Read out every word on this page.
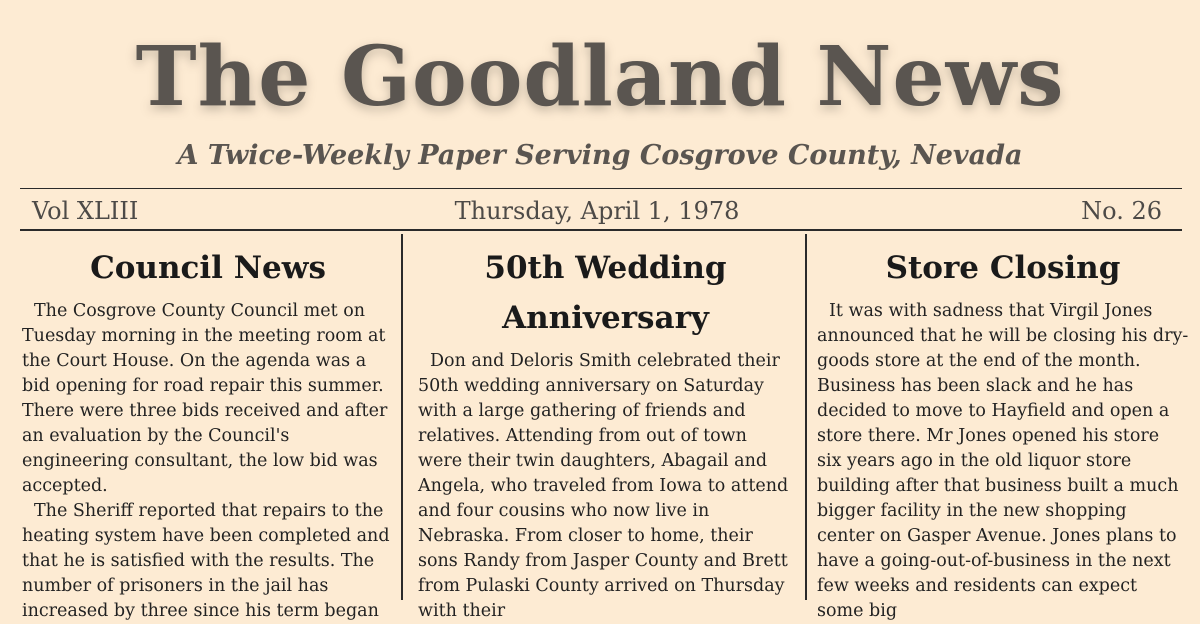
The Goodland News
A Twice-Weekly Paper Serving Cosgrove County, Nevada
Thursday, April 1, 1978
Vol XLIII	No. 26
Council News

The Cosgrove County Council met on Tuesday morning in the meeting room at the Court House. On the agenda was a bid opening for road repair this summer. There were three bids received and after an evaluation by the Council's engineering consultant, the low bid was accepted.

The Sheriff reported that repairs to the heating system have been completed and that he is satisfied with the results. The number of prisoners in the jail has increased by three since his term began

50th Wedding Anniversary

Don and Deloris Smith celebrated their 50th wedding anniversary on Saturday with a large gathering of friends and relatives. Attending from out of town were their twin daughters, Abagail and Angela, who traveled from Iowa to attend and four cousins who now live in Nebraska. From closer to home, their sons Randy from Jasper County and Brett from Pulaski County arrived on Thursday with their

Store Closing

It was with sadness that Virgil Jones announced that he will be closing his dry-goods store at the end of the month. Business has been slack and he has decided to move to Hayfield and open a store there. Mr Jones opened his store six years ago in the old liquor store building after that business built a much bigger facility in the new shopping center on Gasper Avenue. Jones plans to have a going-out-of-business in the next few weeks and residents can expect some big
